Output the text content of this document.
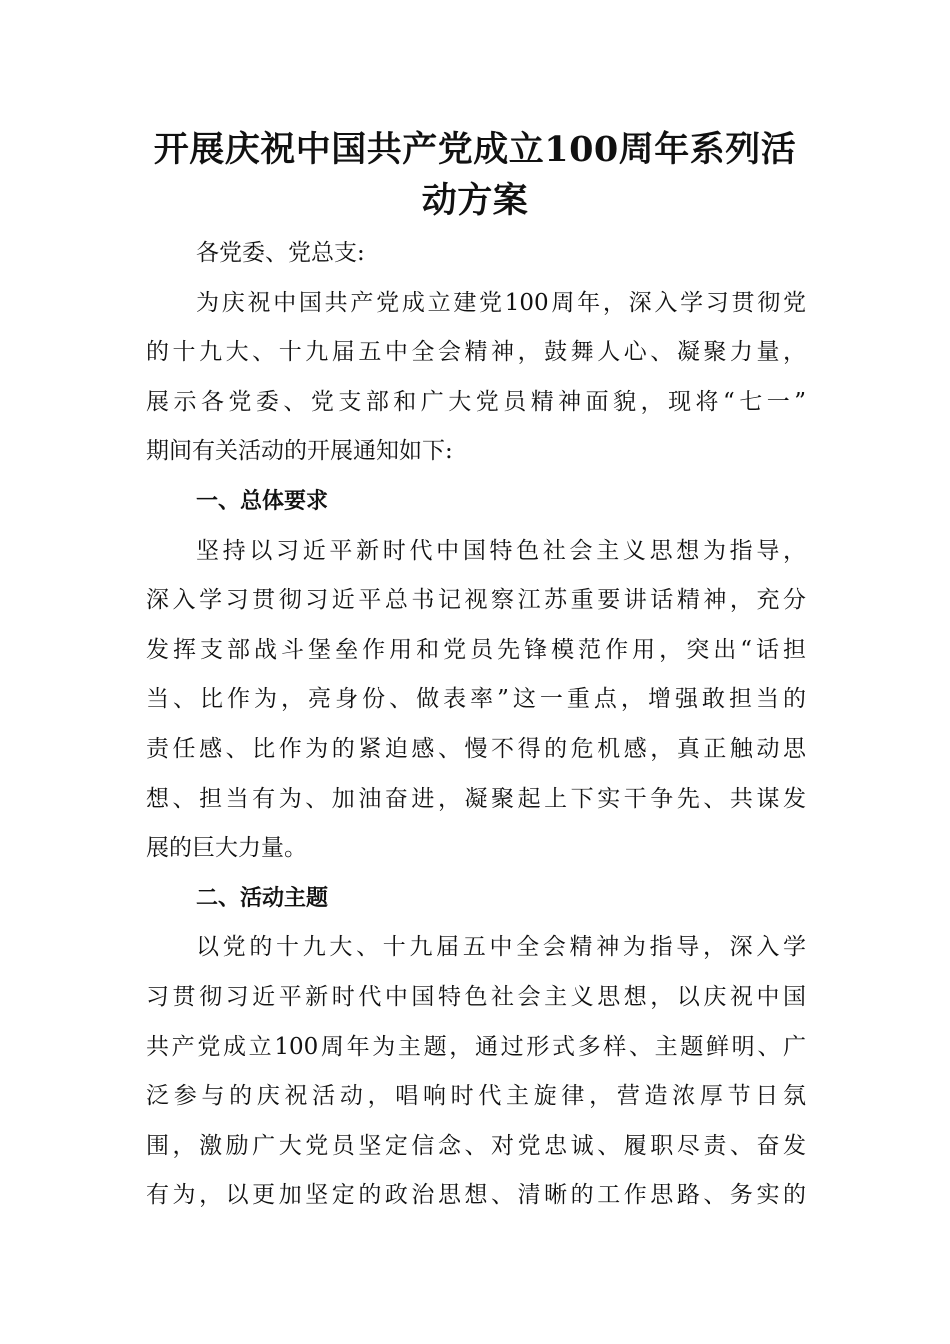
开展庆祝中国共产党成立100周年系列活
动方案
各党委、党总支:
为庆祝中国共产党成立建党100周年，深入学习贯彻党
的十九大、十九届五中全会精神，鼓舞人心、凝聚力量，
展示各党委、党支部和广大党员精神面貌，现将“七一”
期间有关活动的开展通知如下:
一、总体要求
坚持以习近平新时代中国特色社会主义思想为指导，
深入学习贯彻习近平总书记视察江苏重要讲话精神，充分
发挥支部战斗堡垒作用和党员先锋模范作用，突出“话担
当、比作为，亮身份、做表率”这一重点，增强敢担当的
责任感、比作为的紧迫感、慢不得的危机感，真正触动思
想、担当有为、加油奋进，凝聚起上下实干争先、共谋发
展的巨大力量。
二、活动主题
以党的十九大、十九届五中全会精神为指导，深入学
习贯彻习近平新时代中国特色社会主义思想，以庆祝中国
共产党成立100周年为主题，通过形式多样、主题鲜明、广
泛参与的庆祝活动，唱响时代主旋律，营造浓厚节日氛
围，激励广大党员坚定信念、对党忠诚、履职尽责、奋发
有为，以更加坚定的政治思想、清晰的工作思路、务实的
